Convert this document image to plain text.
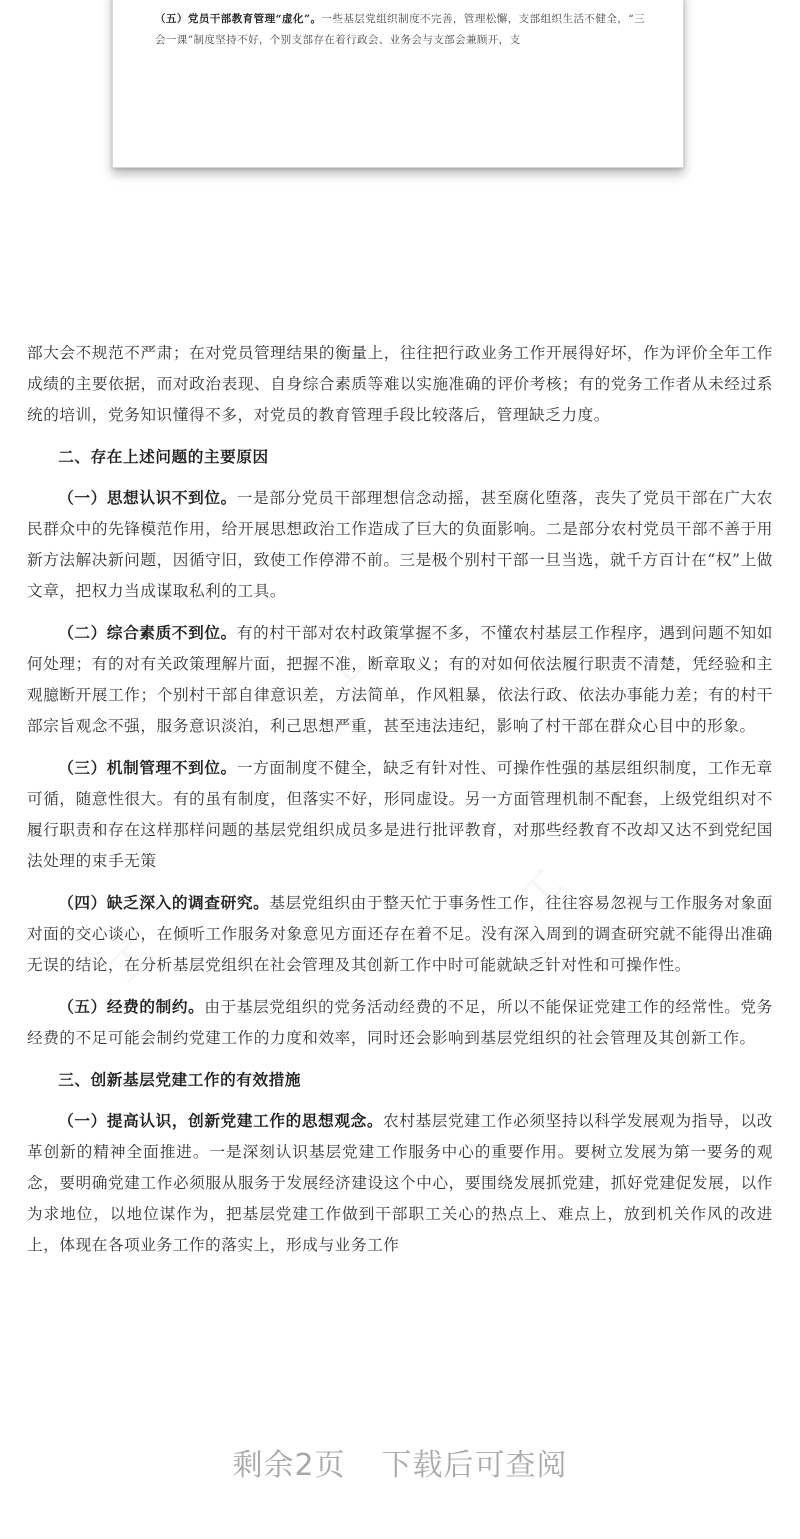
（五）党员干部教育管理“虚化”。一些基层党组织制度不完善，管理松懈，支部组织生活不健全，“三会一课”制度坚持不好，个别支部存在着行政会、业务会与支部会兼顾开，支

部大会不规范不严肃；在对党员管理结果的衡量上，往往把行政业务工作开展得好坏，作为评价全年工作成绩的主要依据，而对政治表现、自身综合素质等难以实施准确的评价考核；有的党务工作者从未经过系统的培训，党务知识懂得不多，对党员的教育管理手段比较落后，管理缺乏力度。

二、存在上述问题的主要原因

（一）思想认识不到位。一是部分党员干部理想信念动摇，甚至腐化堕落，丧失了党员干部在广大农民群众中的先锋模范作用，给开展思想政治工作造成了巨大的负面影响。二是部分农村党员干部不善于用新方法解决新问题，因循守旧，致使工作停滞不前。三是极个别村干部一旦当选，就千方百计在“权”上做文章，把权力当成谋取私利的工具。

（二）综合素质不到位。有的村干部对农村政策掌握不多，不懂农村基层工作程序，遇到问题不知如何处理；有的对有关政策理解片面，把握不准，断章取义；有的对如何依法履行职责不清楚，凭经验和主观臆断开展工作；个别村干部自律意识差，方法简单，作风粗暴，依法行政、依法办事能力差；有的村干部宗旨观念不强，服务意识淡泊，利己思想严重，甚至违法违纪，影响了村干部在群众心目中的形象。

（三）机制管理不到位。一方面制度不健全，缺乏有针对性、可操作性强的基层组织制度，工作无章可循，随意性很大。有的虽有制度，但落实不好，形同虚设。另一方面管理机制不配套，上级党组织对不履行职责和存在这样那样问题的基层党组织成员多是进行批评教育，对那些经教育不改却又达不到党纪国法处理的束手无策

（四）缺乏深入的调查研究。基层党组织由于整天忙于事务性工作，往往容易忽视与工作服务对象面对面的交心谈心，在倾听工作服务对象意见方面还存在着不足。没有深入周到的调查研究就不能得出准确无误的结论，在分析基层党组织在社会管理及其创新工作中时可能就缺乏针对性和可操作性。

（五）经费的制约。由于基层党组织的党务活动经费的不足，所以不能保证党建工作的经常性。党务经费的不足可能会制约党建工作的力度和效率，同时还会影响到基层党组织的社会管理及其创新工作。

三、创新基层党建工作的有效措施

（一）提高认识，创新党建工作的思想观念。农村基层党建工作必须坚持以科学发展观为指导，以改革创新的精神全面推进。一是深刻认识基层党建工作服务中心的重要作用。要树立发展为第一要务的观念，要明确党建工作必须服从服务于发展经济建设这个中心，要围绕发展抓党建，抓好党建促发展，以作为求地位，以地位谋作为，把基层党建工作做到干部职工关心的热点上、难点上，放到机关作风的改进上，体现在各项业务工作的落实上，形成与业务工作

剩余2页 下载后可查阅
